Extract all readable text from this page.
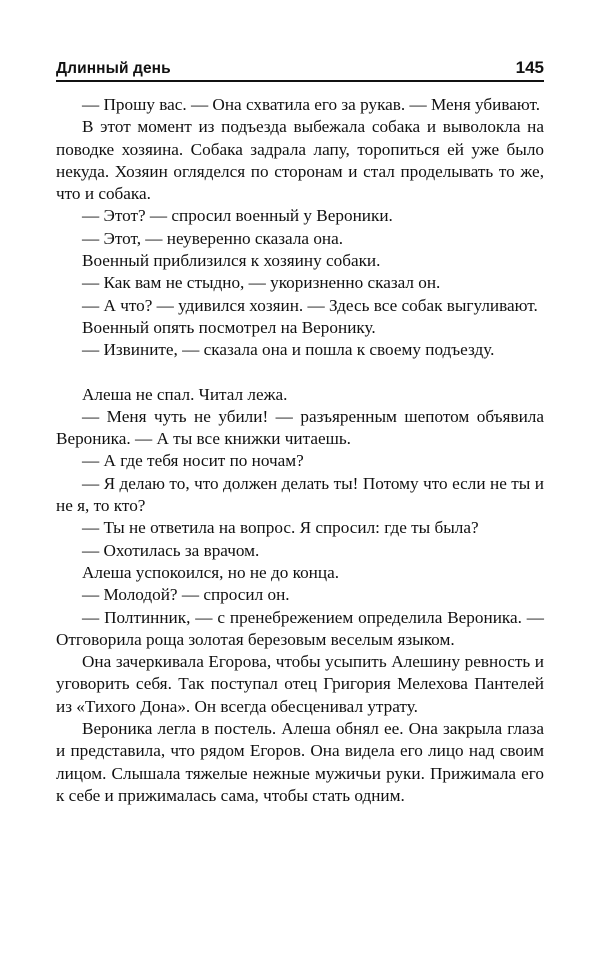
Длинный день	145

— Прошу вас. — Она схватила его за рукав. — Меня убивают.

В этот момент из подъезда выбежала собака и выволокла на поводке хозяина. Собака задрала лапу, торопиться ей уже было некуда. Хозяин огляделся по сторонам и стал проделывать то же, что и собака.

— Этот? — спросил военный у Вероники.

— Этот, — неуверенно сказала она.

Военный приблизился к хозяину собаки.

— Как вам не стыдно, — укоризненно сказал он.

— А что? — удивился хозяин. — Здесь все собак выгуливают.

Военный опять посмотрел на Веронику.

— Извините, — сказала она и пошла к своему подъезду.

Алеша не спал. Читал лежа.

— Меня чуть не убили! — разъяренным шепотом объявила Вероника. — А ты все книжки читаешь.

— А где тебя носит по ночам?

— Я делаю то, что должен делать ты! Потому что если не ты и не я, то кто?

— Ты не ответила на вопрос. Я спросил: где ты была?

— Охотилась за врачом.

Алеша успокоился, но не до конца.

— Молодой? — спросил он.

— Полтинник, — с пренебрежением определила Вероника. — Отговорила роща золотая березовым веселым языком.

Она зачеркивала Егорова, чтобы усыпить Алешину ревность и уговорить себя. Так поступал отец Григория Мелехова Пантелей из «Тихого Дона». Он всегда обесценивал утрату.

Вероника легла в постель. Алеша обнял ее. Она закрыла глаза и представила, что рядом Егоров. Она видела его лицо над своим лицом. Слышала тяжелые нежные мужичьи руки. Прижимала его к себе и прижималась сама, чтобы стать одним.
